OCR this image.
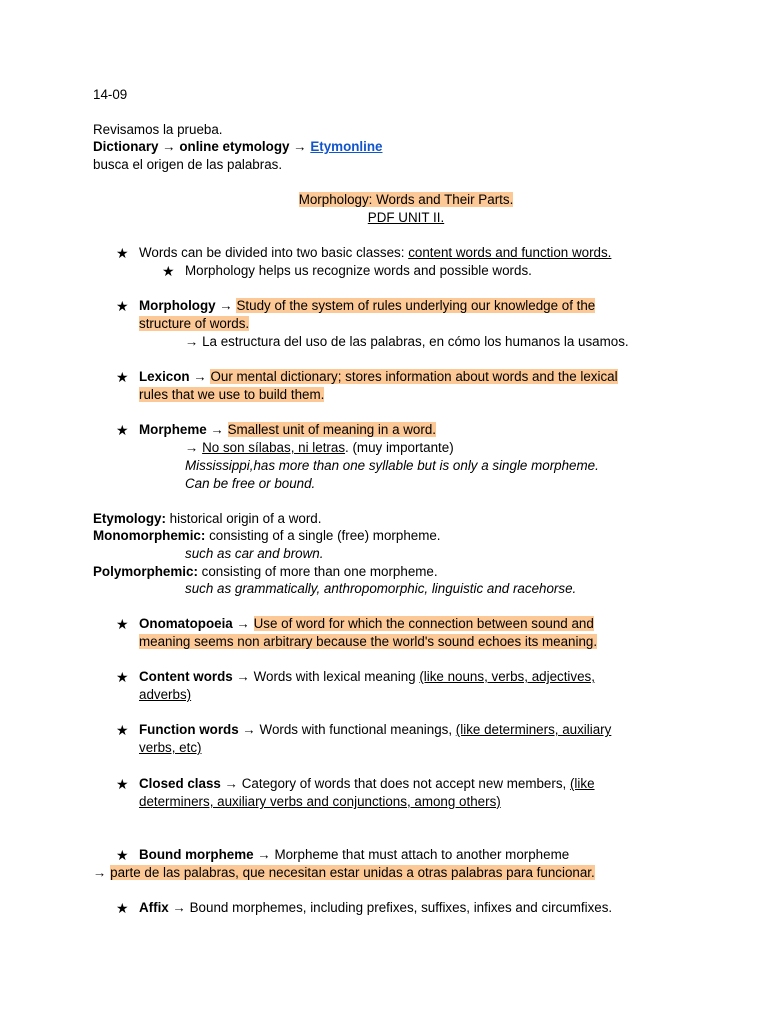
14-09
Revisamos la prueba.
Dictionary → online etymology → Etymonline
busca el origen de las palabras.
Morphology: Words and Their Parts.
PDF UNIT II.
★ Words can be divided into two basic classes: content words and function words.
★ Morphology helps us recognize words and possible words.
★ Morphology → Study of the system of rules underlying our knowledge of the
structure of words.
→ La estructura del uso de las palabras, en cómo los humanos la usamos.
★ Lexicon → Our mental dictionary; stores information about words and the lexical
rules that we use to build them.
★ Morpheme → Smallest unit of meaning in a word.
→ No son sílabas, ni letras. (muy importante)
Mississippi,has more than one syllable but is only a single morpheme.
Can be free or bound.
Etymology: historical origin of a word.
Monomorphemic: consisting of a single (free) morpheme.
such as car and brown.
Polymorphemic: consisting of more than one morpheme.
such as grammatically, anthropomorphic, linguistic and racehorse.
★ Onomatopoeia → Use of word for which the connection between sound and
meaning seems non arbitrary because the world's sound echoes its meaning.
★ Content words → Words with lexical meaning (like nouns, verbs, adjectives,
adverbs)
★ Function words → Words with functional meanings, (like determiners, auxiliary
verbs, etc)
★ Closed class → Category of words that does not accept new members, (like
determiners, auxiliary verbs and conjunctions, among others)
★ Bound morpheme → Morpheme that must attach to another morpheme
→ parte de las palabras, que necesitan estar unidas a otras palabras para funcionar.
★ Affix → Bound morphemes, including prefixes, suffixes, infixes and circumfixes.
